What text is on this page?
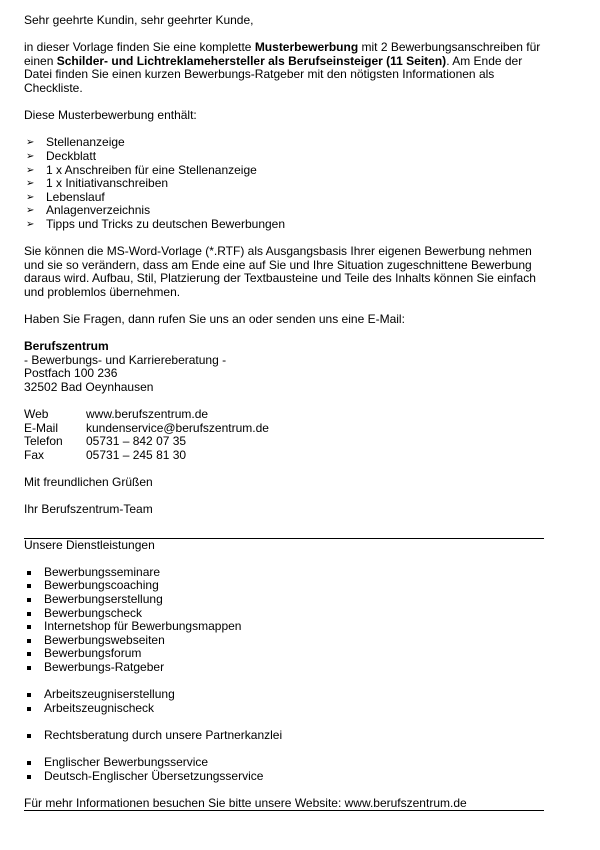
Sehr geehrte Kundin, sehr geehrter Kunde,

in dieser Vorlage finden Sie eine komplette Musterbewerbung mit 2 Bewerbungsanschreiben für einen Schilder- und Lichtreklamehersteller als Berufseinsteiger (11 Seiten). Am Ende der Datei finden Sie einen kurzen Bewerbungs-Ratgeber mit den nötigsten Informationen als Checkliste.

Diese Musterbewerbung enthält:

➢ Stellenanzeige
➢ Deckblatt
➢ 1 x Anschreiben für eine Stellenanzeige
➢ 1 x Initiativanschreiben
➢ Lebenslauf
➢ Anlagenverzeichnis
➢ Tipps und Tricks zu deutschen Bewerbungen

Sie können die MS-Word-Vorlage (*.RTF) als Ausgangsbasis Ihrer eigenen Bewerbung nehmen und sie so verändern, dass am Ende eine auf Sie und Ihre Situation zugeschnittene Bewerbung daraus wird. Aufbau, Stil, Platzierung der Textbausteine und Teile des Inhalts können Sie einfach und problemlos übernehmen.

Haben Sie Fragen, dann rufen Sie uns an oder senden uns eine E-Mail:

Berufszentrum

- Bewerbungs- und Karriereberatung -

Postfach 100 236

32502 Bad Oeynhausen

Web	www.berufszentrum.de
E-Mail	kundenservice@berufszentrum.de
Telefon	05731 – 842 07 35
Fax	05731 – 245 81 30

Mit freundlichen Grüßen

Ihr Berufszentrum-Team

Unsere Dienstleistungen

Bewerbungsseminare
Bewerbungscoaching
Bewerbungserstellung
Bewerbungscheck
Internetshop für Bewerbungsmappen
Bewerbungswebseiten
Bewerbungsforum
Bewerbungs-Ratgeber
Arbeitszeugniserstellung
Arbeitszeugnischeck
Rechtsberatung durch unsere Partnerkanzlei
Englischer Bewerbungsservice
Deutsch-Englischer Übersetzungsservice

Für mehr Informationen besuchen Sie bitte unsere Website: www.berufszentrum.de
